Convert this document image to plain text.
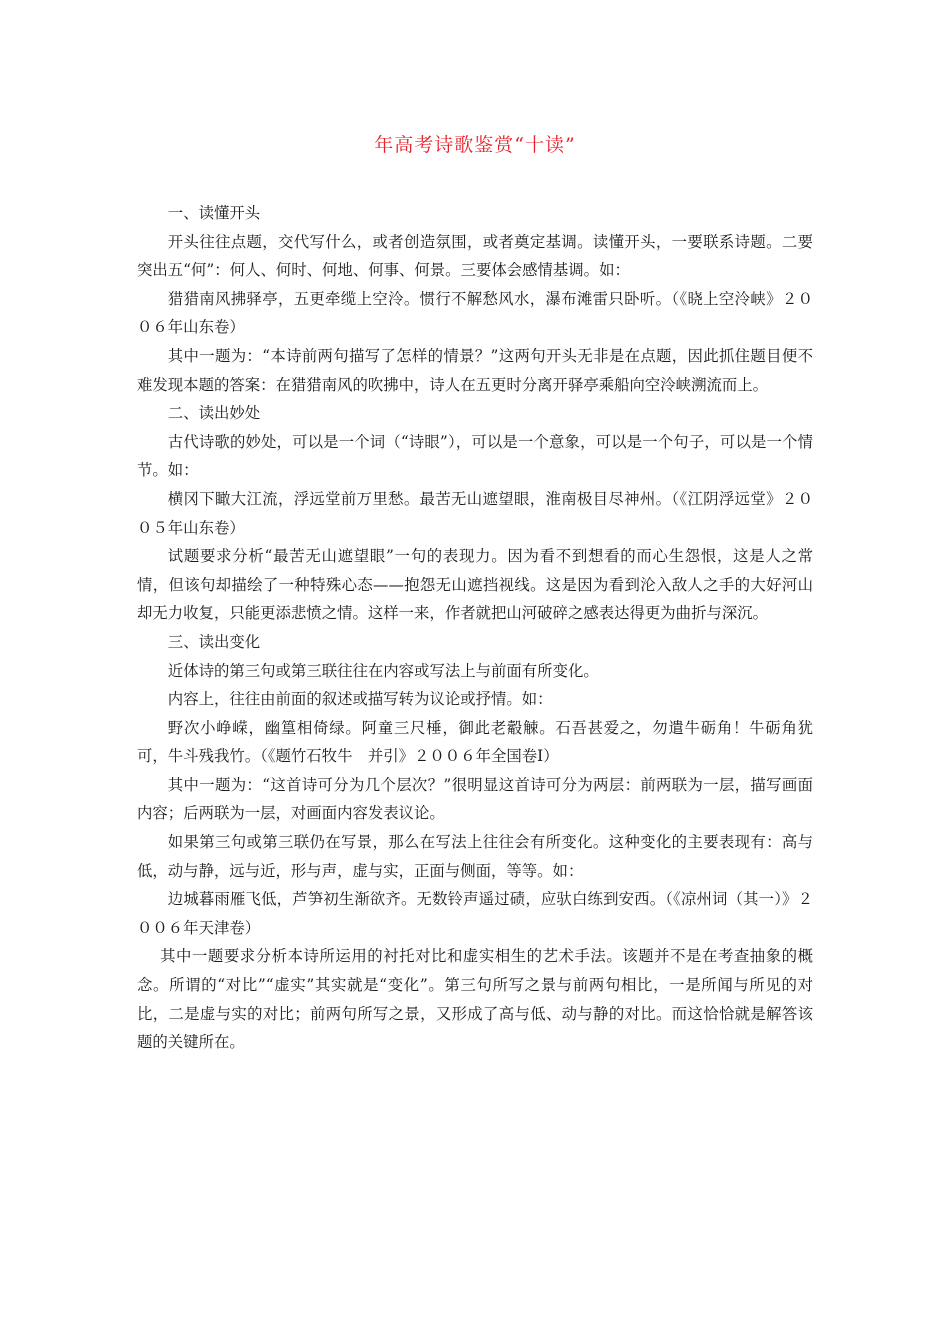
年高考诗歌鉴赏“十读”

一、读懂开头

开头往往点题，交代写什么，或者创造氛围，或者奠定基调。读懂开头，一要联系诗题。二要突出五“何”：何人、何时、何地、何事、何景。三要体会感情基调。如：

猎猎南风拂驿亭，五更牵缆上空泠。惯行不解愁风水，瀑布滩雷只卧听。（《晓上空泠峡》２００６年山东卷）

其中一题为：“本诗前两句描写了怎样的情景？”这两句开头无非是在点题，因此抓住题目便不难发现本题的答案：在猎猎南风的吹拂中，诗人在五更时分离开驿亭乘船向空泠峡溯流而上。

二、读出妙处

古代诗歌的妙处，可以是一个词（“诗眼”），可以是一个意象，可以是一个句子，可以是一个情节。如：

横冈下瞰大江流，浮远堂前万里愁。最苦无山遮望眼，淮南极目尽神州。（《江阴浮远堂》２００５年山东卷）

试题要求分析“最苦无山遮望眼”一句的表现力。因为看不到想看的而心生怨恨，这是人之常情，但该句却描绘了一种特殊心态——抱怨无山遮挡视线。这是因为看到沦入敌人之手的大好河山却无力收复，只能更添悲愤之情。这样一来，作者就把山河破碎之感表达得更为曲折与深沉。

三、读出变化

近体诗的第三句或第三联往往在内容或写法上与前面有所变化。

内容上，往往由前面的叙述或描写转为议论或抒情。如：

野次小峥嵘，幽篁相倚绿。阿童三尺棰，御此老觳觫。石吾甚爱之，勿遣牛砺角！牛砺角犹可，牛斗残我竹。（《题竹石牧牛　并引》２００６年全国卷Ⅰ）

其中一题为：“这首诗可分为几个层次？”很明显这首诗可分为两层：前两联为一层，描写画面内容；后两联为一层，对画面内容发表议论。

如果第三句或第三联仍在写景，那么在写法上往往会有所变化。这种变化的主要表现有：高与低，动与静，远与近，形与声，虚与实，正面与侧面，等等。如：

边城暮雨雁飞低，芦笋初生渐欲齐。无数铃声遥过碛，应驮白练到安西。（《凉州词（其一）》２００６年天津卷）

其中一题要求分析本诗所运用的衬托对比和虚实相生的艺术手法。该题并不是在考查抽象的概念。所谓的“对比”“虚实”其实就是“变化”。第三句所写之景与前两句相比，一是所闻与所见的对比，二是虚与实的对比；前两句所写之景，又形成了高与低、动与静的对比。而这恰恰就是解答该题的关键所在。
